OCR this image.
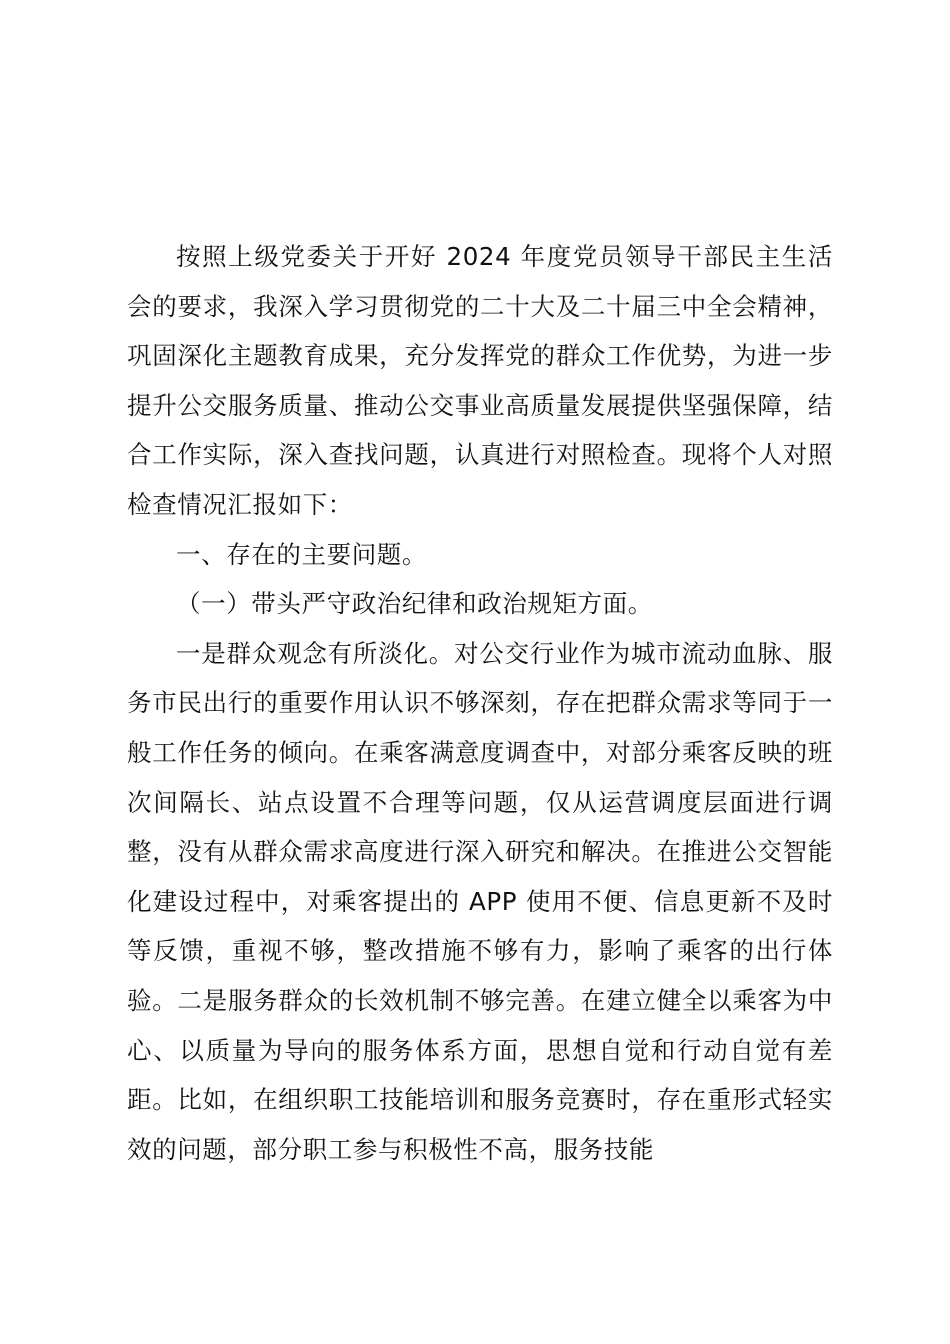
按照上级党委关于开好 2024 年度党员领导干部民主生活会的要求，我深入学习贯彻党的二十大及二十届三中全会精神，巩固深化主题教育成果，充分发挥党的群众工作优势，为进一步提升公交服务质量、推动公交事业高质量发展提供坚强保障，结合工作实际，深入查找问题，认真进行对照检查。现将个人对照检查情况汇报如下：

一、存在的主要问题。

（一）带头严守政治纪律和政治规矩方面。

一是群众观念有所淡化。对公交行业作为城市流动血脉、服务市民出行的重要作用认识不够深刻，存在把群众需求等同于一般工作任务的倾向。在乘客满意度调查中，对部分乘客反映的班次间隔长、站点设置不合理等问题，仅从运营调度层面进行调整，没有从群众需求高度进行深入研究和解决。在推进公交智能化建设过程中，对乘客提出的 APP 使用不便、信息更新不及时等反馈，重视不够，整改措施不够有力，影响了乘客的出行体验。二是服务群众的长效机制不够完善。在建立健全以乘客为中心、以质量为导向的服务体系方面，思想自觉和行动自觉有差距。比如，在组织职工技能培训和服务竞赛时，存在重形式轻实效的问题，部分职工参与积极性不高，服务技能
